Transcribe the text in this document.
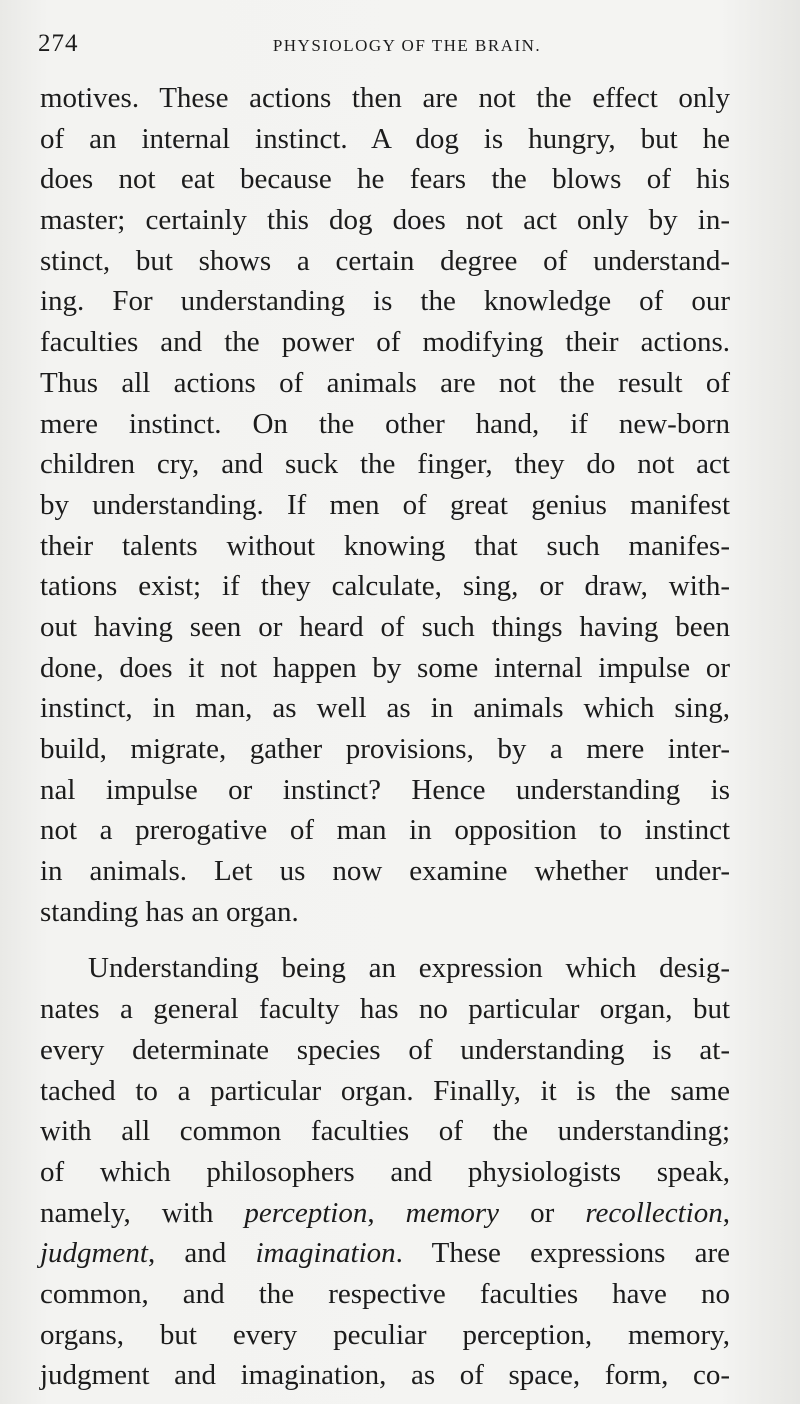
274	PHYSIOLOGY OF THE BRAIN.
motives. These actions then are not the effect only
of an internal instinct. A dog is hungry, but he
does not eat because he fears the blows of his
master; certainly this dog does not act only by in-
stinct, but shows a certain degree of understand-
ing. For understanding is the knowledge of our
faculties and the power of modifying their actions.
Thus all actions of animals are not the result of
mere instinct. On the other hand, if new-born
children cry, and suck the finger, they do not act
by understanding. If men of great genius manifest
their talents without knowing that such manifes-
tations exist; if they calculate, sing, or draw, with-
out having seen or heard of such things having been
done, does it not happen by some internal impulse or
instinct, in man, as well as in animals which sing,
build, migrate, gather provisions, by a mere inter-
nal impulse or instinct? Hence understanding is
not a prerogative of man in opposition to instinct
in animals. Let us now examine whether under-
standing has an organ.
Understanding being an expression which desig-
nates a general faculty has no particular organ, but
every determinate species of understanding is at-
tached to a particular organ. Finally, it is the same
with all common faculties of the understanding;
of which philosophers and physiologists speak,
namely, with perception, memory or recollection,
judgment, and imagination. These expressions are
common, and the respective faculties have no
organs, but every peculiar perception, memory,
judgment and imagination, as of space, form, co-
